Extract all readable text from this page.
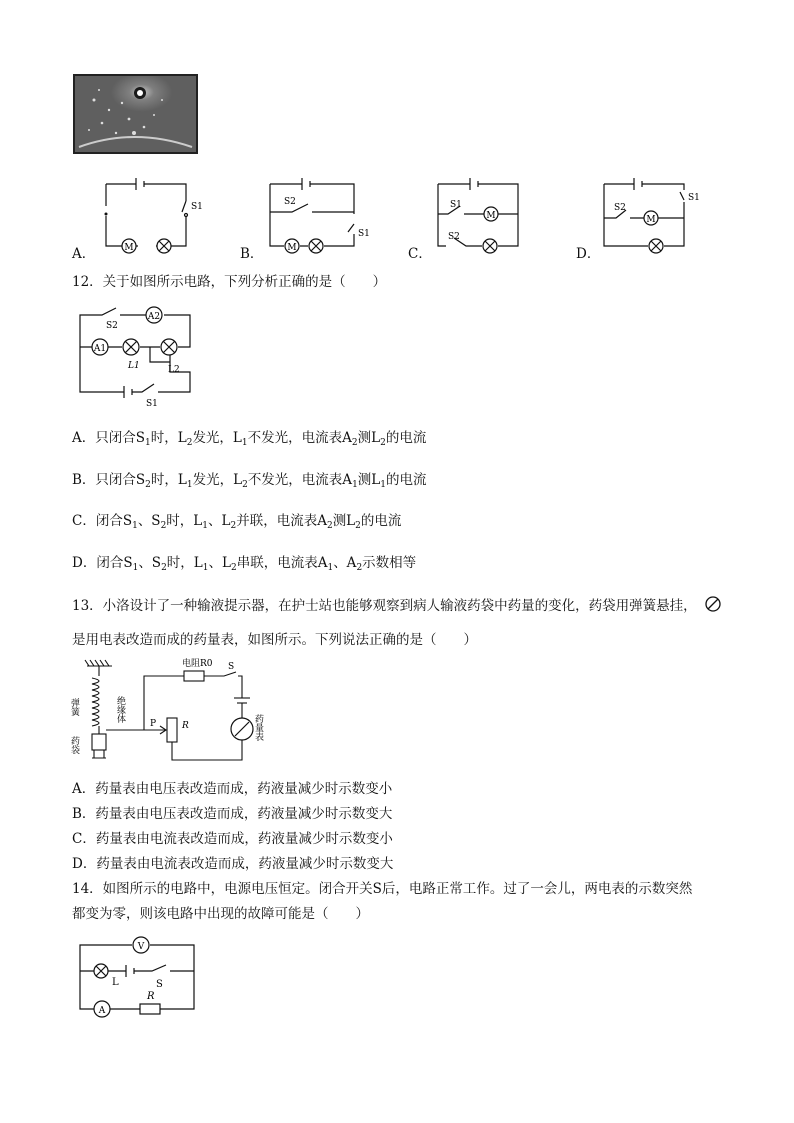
A．	M
S1
B．
S2
S1
M	C．
S1
S2
M
D．
S1
S2
M
12．关于如图所示电路，下列分析正确的是（　　）
A2
A1
S2
L1	L2
S1
A．只闭合$S_1$时，$L_2$发光，$L_1$不发光，电流表$A_2$测$L_2$的电流
B．只闭合$S_2$时，$L_1$发光，$L_2$不发光，电流表$A_1$测$L_1$的电流
C．闭合$S_1$、$S_2$时，$L_1$、$L_2$并联，电流表$A_2$测$L_2$的电流
D．闭合$S_1$、$S_2$时，$L_1$、$L_2$串联，电流表$A_1$、$A_2$示数相等
13．小洛设计了一种输液提示器，在护士站也能够观察到病人输液药袋中药量的变化，药袋用弹簧悬挂，
是用电表改造而成的药量表，如图所示。下列说法正确的是（　　）
电阻R0 S
弹簧	绝缘体
P	R
药袋
药量表
A．药量表由电压表改造而成，药液量减少时示数变小
B．药量表由电压表改造而成，药液量减少时示数变大
C．药量表由电流表改造而成，药液量减少时示数变小
D．药量表由电流表改造而成，药液量减少时示数变大
14．如图所示的电路中，电源电压恒定。闭合开关S后，电路正常工作。过了一会儿，两电表的示数突然
都变为零，则该电路中出现的故障可能是（　　）
V
A
L	S
R
